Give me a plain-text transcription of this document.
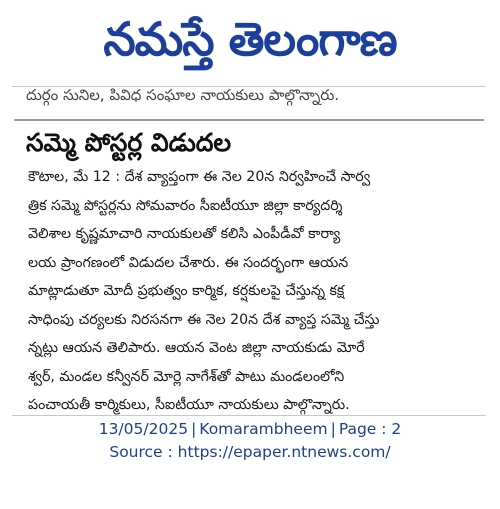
నమస్తే తెలంగాణ
దుర్గం సునిల, పివిధ సంఘాల నాయకులు పాల్గొన్నారు.
సమ్మె పోస్టర్ల విడుదల
కౌటాల, మే 12 : దేశ వ్యాప్తంగా ఈ నెల 20న నిర్వహించే సార్వ
త్రిక సమ్మె పోస్టర్లను సోమవారం సీఐటీయూ జిల్లా కార్యదర్శి
వెలిశాల కృష్ణమాచారి నాయకులతో కలిసి ఎంపీడీవో కార్యా
లయ ప్రాంగణంలో విడుదల చేశారు. ఈ సందర్భంగా ఆయన
మాట్లాడుతూ మోదీ ప్రభుత్వం కార్మిక, కర్షకులపై చేస్తున్న కక్ష
సాధింపు చర్యలకు నిరసనగా ఈ నెల 20న దేశ వ్యాప్త సమ్మె చేస్తు
న్నట్లు ఆయన తెలిపారు. ఆయన వెంట జిల్లా నాయకుడు మోరే
శ్వర్, మండల కన్వీనర్ మోర్లె నాగేశ్‌తో పాటు మండలంలోని
పంచాయతీ కార్మికులు, సీఐటీయూ నాయకులు పాల్గొన్నారు.
13/05/2025 | Komarambheem | Page : 2
Source : https://epaper.ntnews.com/
